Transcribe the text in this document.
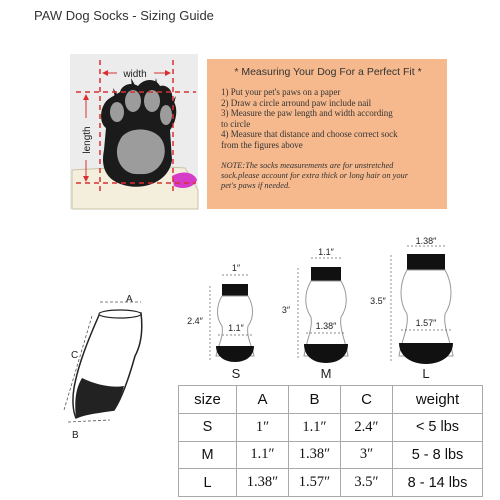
PAW Dog Socks - Sizing Guide
width
length
* Measuring Your Dog For a Perfect Fit *
1) Put your pet's paws on a paper
2) Draw a circle arround paw include nail
3) Measure the paw length and width according
to circle
4) Measure that distance and choose correct sock
from the figures above
NOTE:The socks measurements are for unstretched
sock.please account for extra thick or long hair on your
pet's paws if needed.
A
C
B
1″
2.4″
1.1″
S
1.1″
3″
1.38″
M
1.38″
3.5″
1.57″
L
size	A	B	C	weight
S	1″	1.1″	2.4″	< 5 lbs
M	1.1″	1.38″	3″	5 - 8 lbs
L	1.38″	1.57″	3.5″	8 - 14 lbs
